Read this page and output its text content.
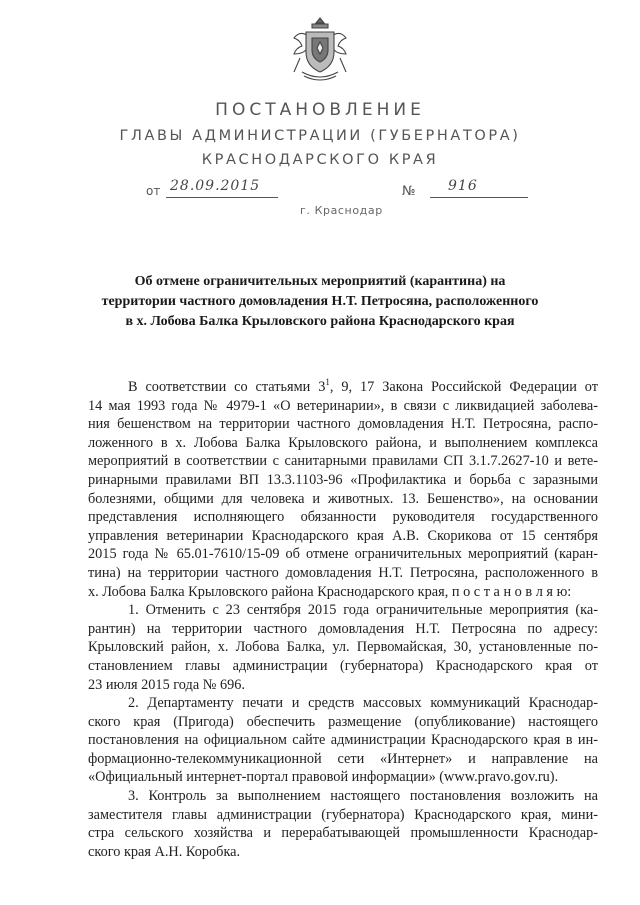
ПОСТАНОВЛЕНИЕ
ГЛАВЫ АДМИНИСТРАЦИИ (ГУБЕРНАТОРА)
КРАСНОДАРСКОГО КРАЯ
от 28.09.2015	№ 916
г. Краснодар
Об отмене ограничительных мероприятий (карантина) на
территории частного домовладения Н.Т. Петросяна, расположенного
в х. Лобова Балка Крыловского района Краснодарского края
В соответствии со статьями $3^1$, 9, 17 Закона Российской Федерации от
14 мая 1993 года № 4979-1 «О ветеринарии», в связи с ликвидацией заболева-
ния бешенством на территории частного домовладения Н.Т. Петросяна, распо-
ложенного в х. Лобова Балка Крыловского района, и выполнением комплекса
мероприятий в соответствии с санитарными правилами СП 3.1.7.2627-10 и вете-
ринарными правилами ВП 13.3.1103-96 «Профилактика и борьба с заразными
болезнями, общими для человека и животных. 13. Бешенство», на основании
представления исполняющего обязанности руководителя государственного
управления ветеринарии Краснодарского края А.В. Скорикова от 15 сентября
2015 года № 65.01-7610/15-09 об отмене ограничительных мероприятий (каран-
тина) на территории частного домовладения Н.Т. Петросяна, расположенного в
х. Лобова Балка Крыловского района Краснодарского края, п о с т а н о в л я ю:
1. Отменить с 23 сентября 2015 года ограничительные мероприятия (ка-
рантин) на территории частного домовладения Н.Т. Петросяна по адресу:
Крыловский район, х. Лобова Балка, ул. Первомайская, 30, установленные по-
становлением главы администрации (губернатора) Краснодарского края от
23 июля 2015 года № 696.
2. Департаменту печати и средств массовых коммуникаций Краснодар-
ского края (Пригода) обеспечить размещение (опубликование) настоящего
постановления на официальном сайте администрации Краснодарского края в ин-
формационно-телекоммуникационной сети «Интернет» и направление на
«Официальный интернет-портал правовой информации» (www.pravo.gov.ru).
3. Контроль за выполнением настоящего постановления возложить на
заместителя главы администрации (губернатора) Краснодарского края, мини-
стра сельского хозяйства и перерабатывающей промышленности Краснодар-
ского края А.Н. Коробка.
